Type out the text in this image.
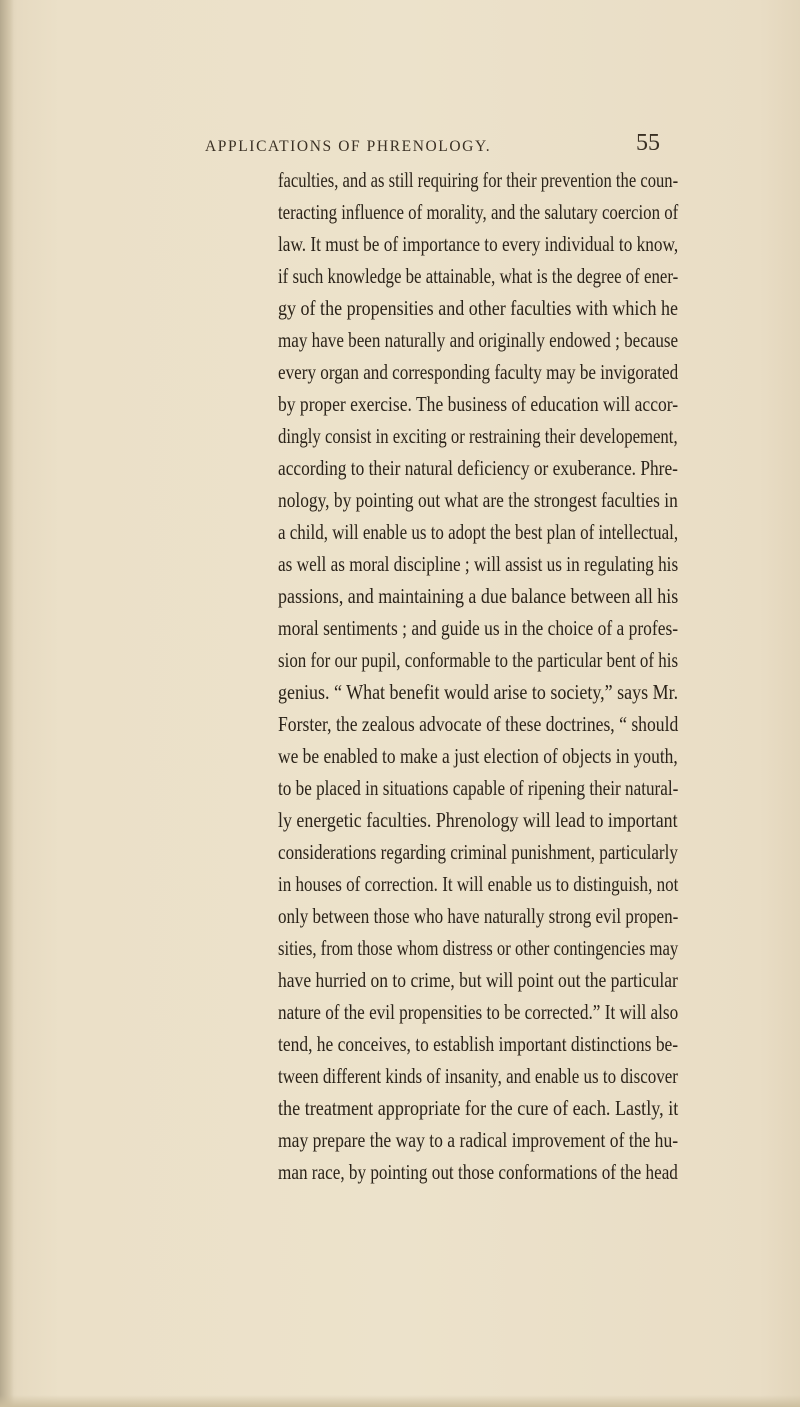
APPLICATIONS OF PHRENOLOGY.	55
faculties, and as still requiring for their prevention the coun-
teracting influence of morality, and the salutary coercion of
law. It must be of importance to every individual to know,
if such knowledge be attainable, what is the degree of ener-
gy of the propensities and other faculties with which he
may have been naturally and originally endowed ; because
every organ and corresponding faculty may be invigorated
by proper exercise. The business of education will accor-
dingly consist in exciting or restraining their developement,
according to their natural deficiency or exuberance. Phre-
nology, by pointing out what are the strongest faculties in
a child, will enable us to adopt the best plan of intellectual,
as well as moral discipline ; will assist us in regulating his
passions, and maintaining a due balance between all his
moral sentiments ; and guide us in the choice of a profes-
sion for our pupil, conformable to the particular bent of his
genius. “ What benefit would arise to society,” says Mr.
Forster, the zealous advocate of these doctrines, “ should
we be enabled to make a just election of objects in youth,
to be placed in situations capable of ripening their natural-
ly energetic faculties. Phrenology will lead to important
considerations regarding criminal punishment, particularly
in houses of correction. It will enable us to distinguish, not
only between those who have naturally strong evil propen-
sities, from those whom distress or other contingencies may
have hurried on to crime, but will point out the particular
nature of the evil propensities to be corrected.” It will also
tend, he conceives, to establish important distinctions be-
tween different kinds of insanity, and enable us to discover
the treatment appropriate for the cure of each. Lastly, it
may prepare the way to a radical improvement of the hu-
man race, by pointing out those conformations of the head
